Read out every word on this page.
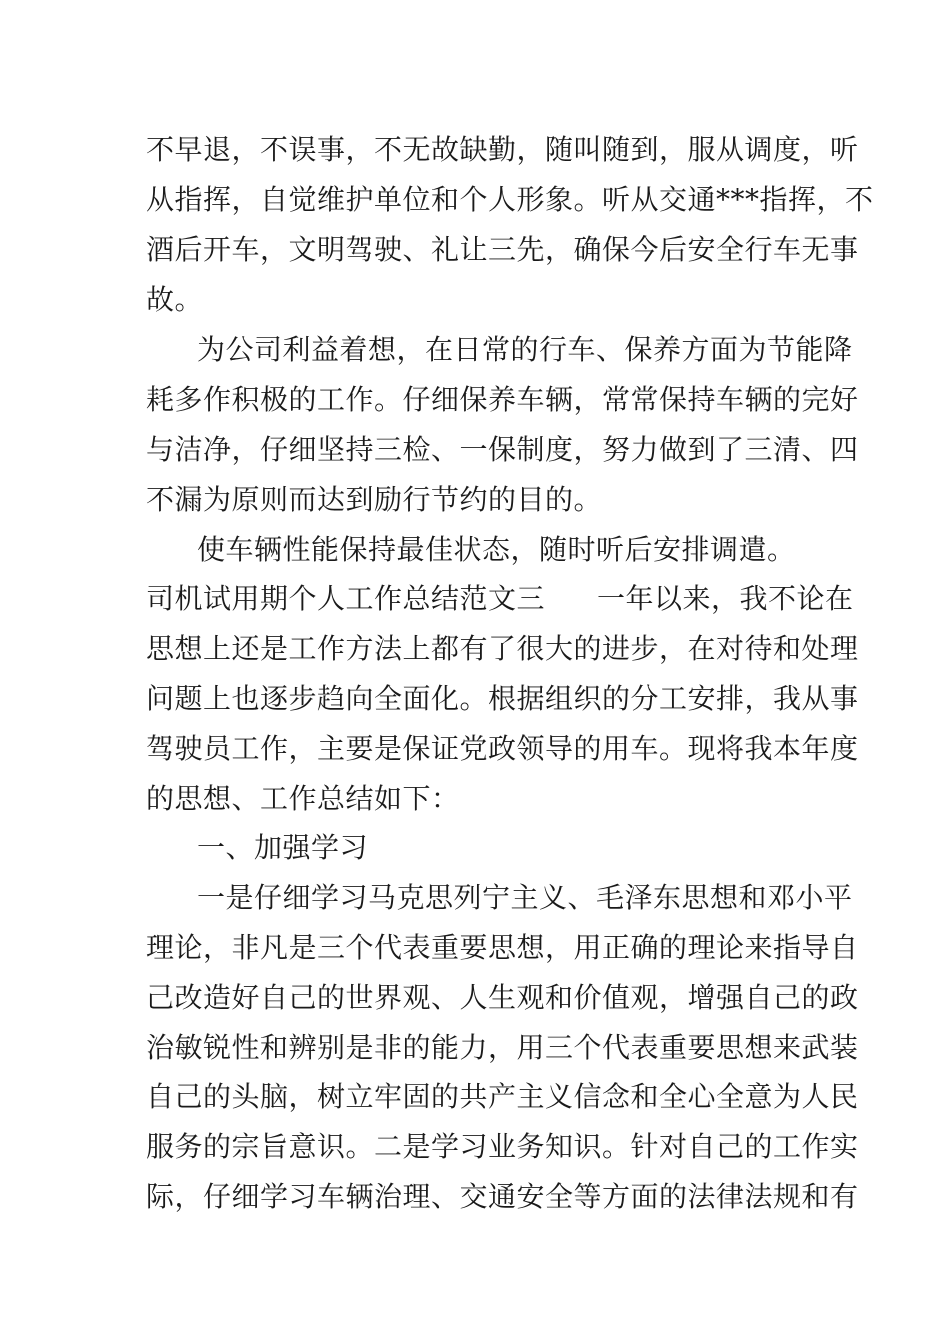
不早退，不误事，不无故缺勤，随叫随到，服从调度，听
从指挥，自觉维护单位和个人形象。听从交通***指挥，不
酒后开车，文明驾驶、礼让三先，确保今后安全行车无事
故。
为公司利益着想，在日常的行车、保养方面为节能降
耗多作积极的工作。仔细保养车辆，常常保持车辆的完好
与洁净，仔细坚持三检、一保制度，努力做到了三清、四
不漏为原则而达到励行节约的目的。
使车辆性能保持最佳状态，随时听后安排调遣。
司机试用期个人工作总结范文三 一年以来，我不论在
思想上还是工作方法上都有了很大的进步，在对待和处理
问题上也逐步趋向全面化。根据组织的分工安排，我从事
驾驶员工作，主要是保证党政领导的用车。现将我本年度
的思想、工作总结如下：
一、加强学习
一是仔细学习马克思列宁主义、毛泽东思想和邓小平
理论，非凡是三个代表重要思想，用正确的理论来指导自
己改造好自己的世界观、人生观和价值观，增强自己的政
治敏锐性和辨别是非的能力，用三个代表重要思想来武装
自己的头脑，树立牢固的共产主义信念和全心全意为人民
服务的宗旨意识。二是学习业务知识。针对自己的工作实
际，仔细学习车辆治理、交通安全等方面的法律法规和有
